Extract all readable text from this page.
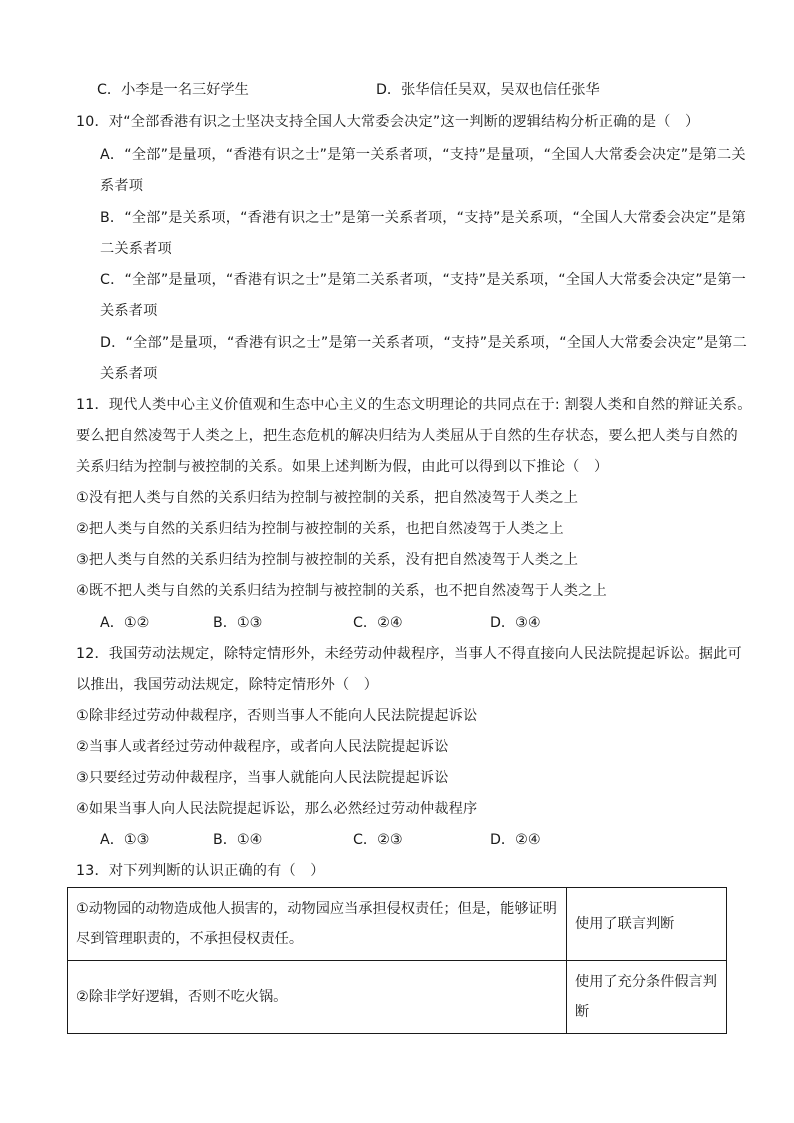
C．小李是一名三好学生	D．张华信任吴双，吴双也信任张华
10．对“全部香港有识之士坚决支持全国人大常委会决定”这一判断的逻辑结构分析正确的是（　）
A．“全部”是量项，“香港有识之士”是第一关系者项，“支持”是量项，“全国人大常委会决定”是第二关
系者项
B．“全部”是关系项，“香港有识之士”是第一关系者项，“支持”是关系项，“全国人大常委会决定”是第
二关系者项
C．“全部”是量项，“香港有识之士”是第二关系者项，“支持”是关系项，“全国人大常委会决定”是第一
关系者项
D．“全部”是量项，“香港有识之士”是第一关系者项，“支持”是关系项，“全国人大常委会决定”是第二
关系者项
11．现代人类中心主义价值观和生态中心主义的生态文明理论的共同点在于: 割裂人类和自然的辩证关系。
要么把自然凌驾于人类之上，把生态危机的解决归结为人类屈从于自然的生存状态，要么把人类与自然的
关系归结为控制与被控制的关系。如果上述判断为假，由此可以得到以下推论（　）
①没有把人类与自然的关系归结为控制与被控制的关系，把自然凌驾于人类之上
②把人类与自然的关系归结为控制与被控制的关系，也把自然凌驾于人类之上
③把人类与自然的关系归结为控制与被控制的关系，没有把自然凌驾于人类之上
④既不把人类与自然的关系归结为控制与被控制的关系，也不把自然凌驾于人类之上
A．①②	B．①③	C．②④	D．③④
12．我国劳动法规定，除特定情形外，未经劳动仲裁程序，当事人不得直接向人民法院提起诉讼。据此可
以推出，我国劳动法规定，除特定情形外（　）
①除非经过劳动仲裁程序，否则当事人不能向人民法院提起诉讼
②当事人或者经过劳动仲裁程序，或者向人民法院提起诉讼
③只要经过劳动仲裁程序，当事人就能向人民法院提起诉讼
④如果当事人向人民法院提起诉讼，那么必然经过劳动仲裁程序
A．①③	B．①④	C．②③	D．②④
13．对下列判断的认识正确的有（　）
①动物园的动物造成他人损害的，动物园应当承担侵权责任；但是，能够证明尽到管理职责的，不承担侵权责任。	使用了联言判断
②除非学好逻辑，否则不吃火锅。	使用了充分条件假言判断
